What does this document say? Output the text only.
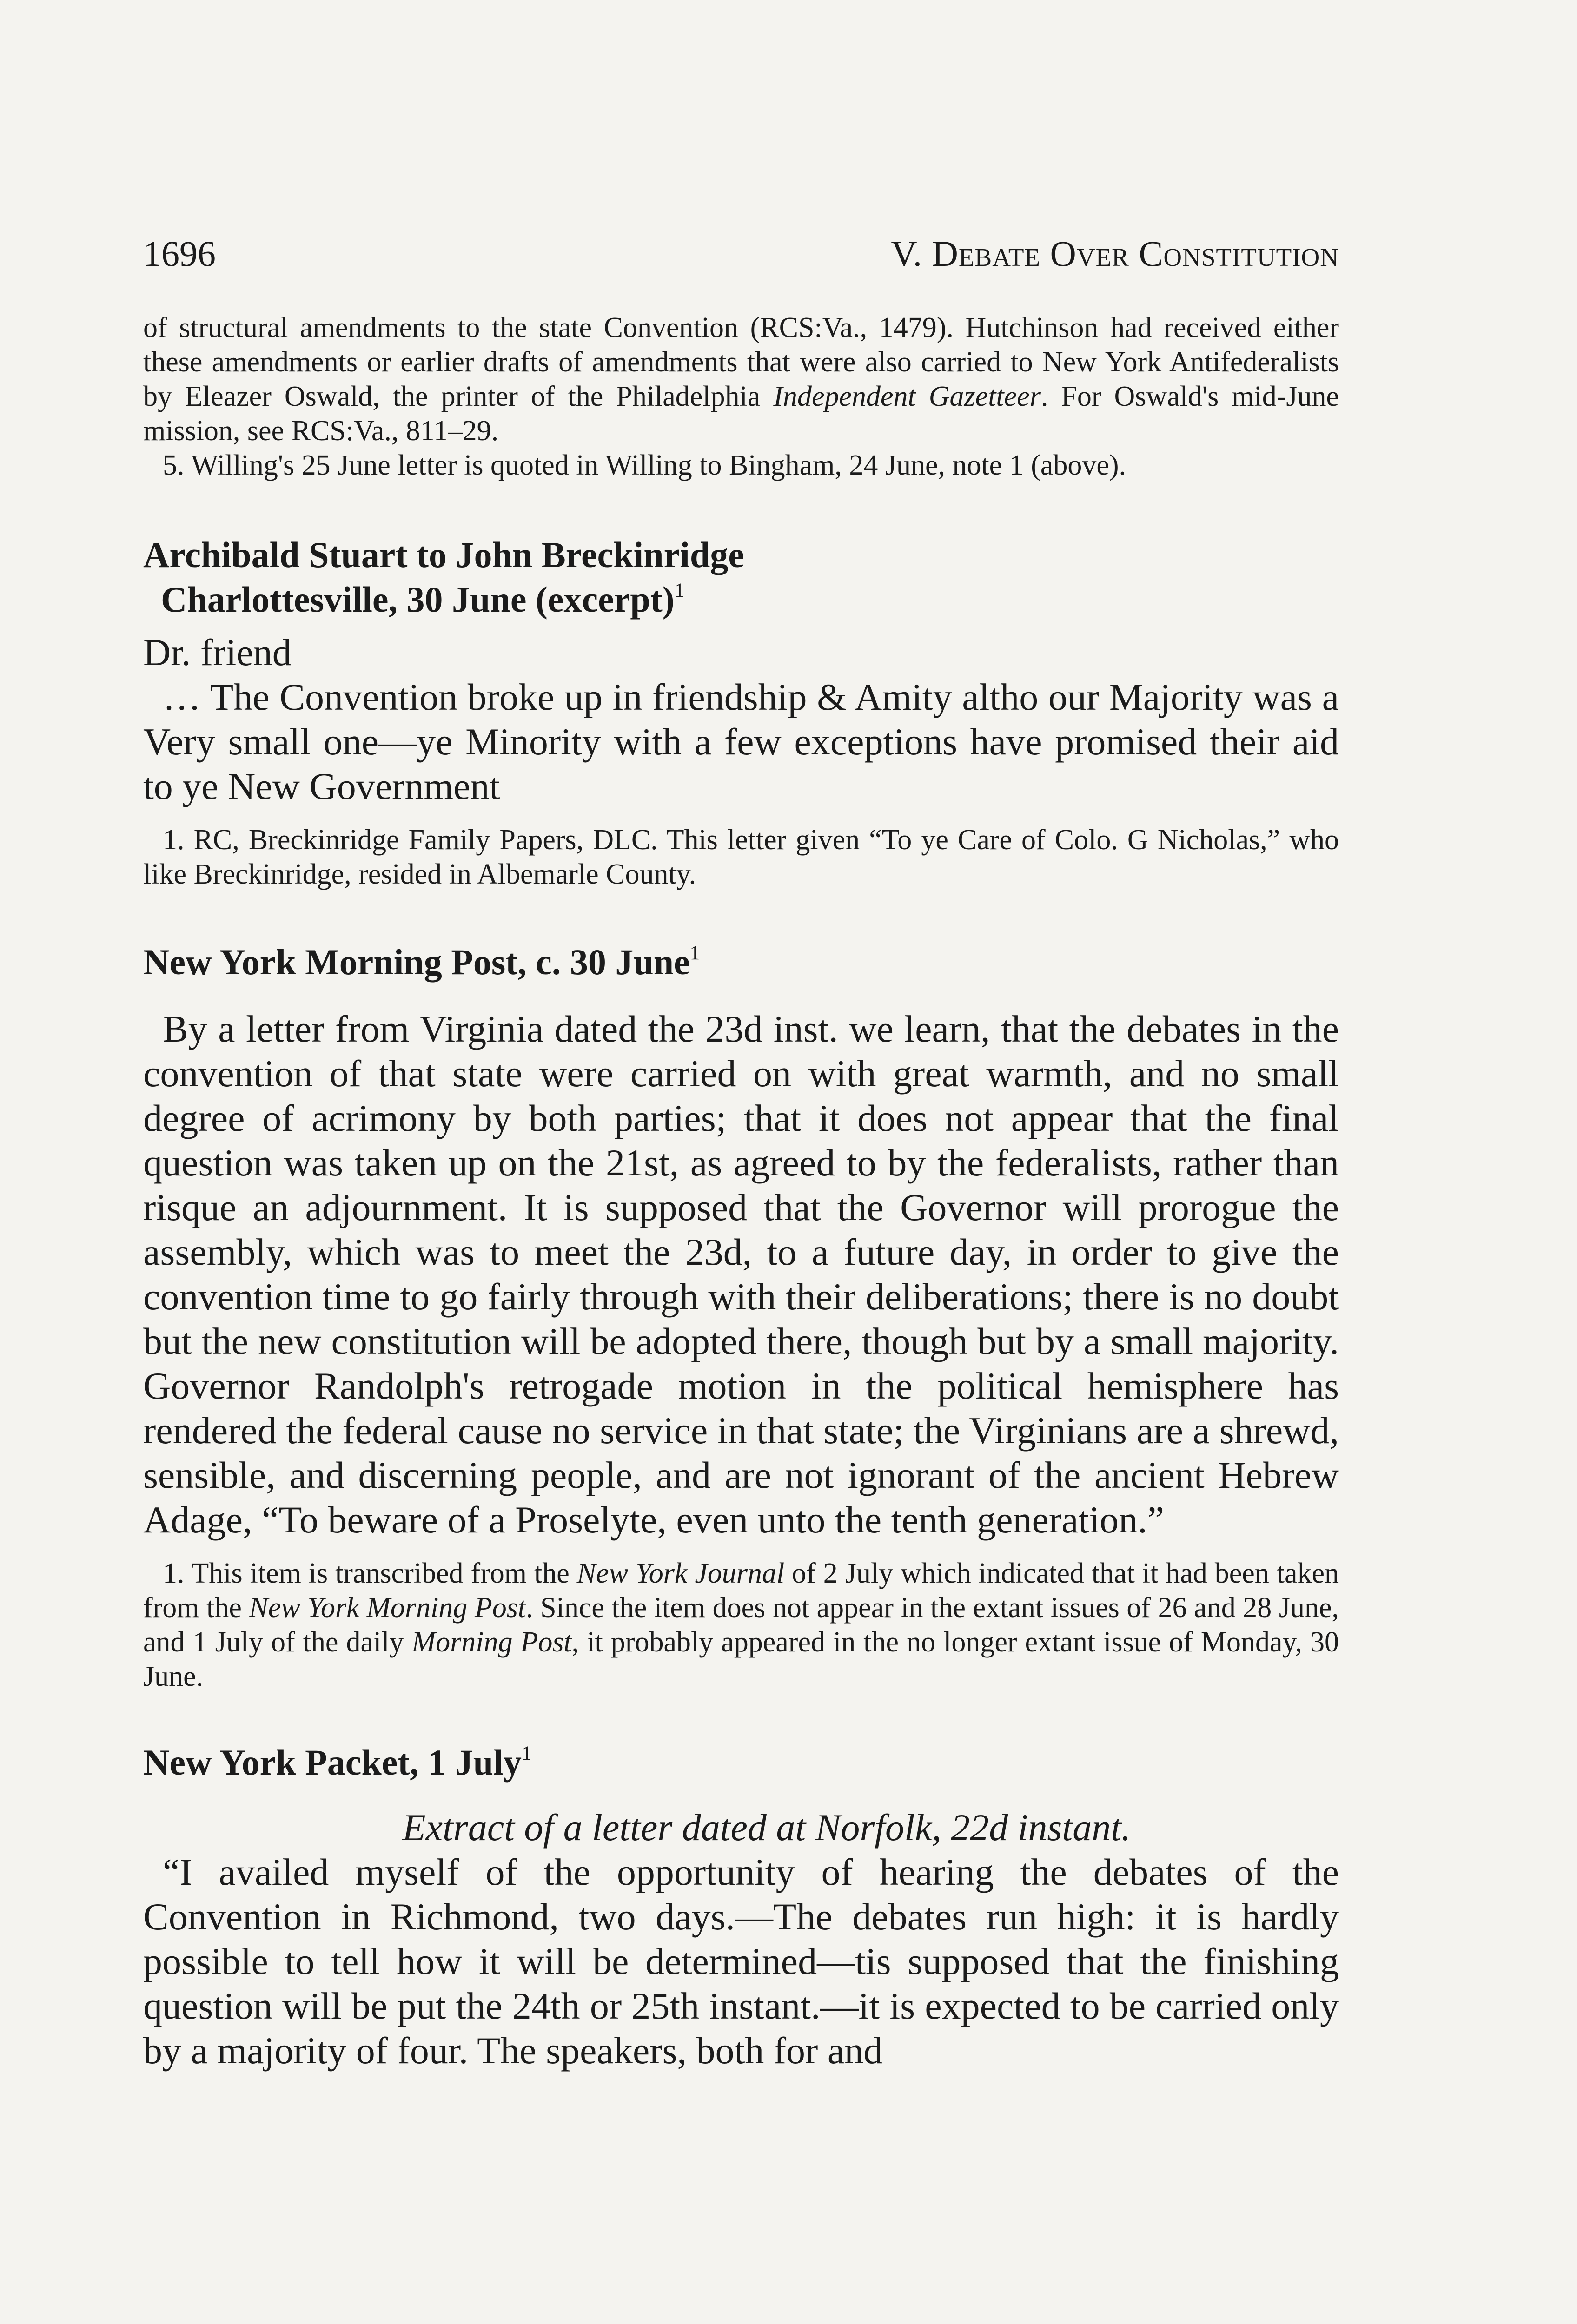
1696	V. Debate Over Constitution

of structural amendments to the state Convention (RCS:Va., 1479). Hutchinson had received either these amendments or earlier drafts of amendments that were also carried to New York Antifederalists by Eleazer Oswald, the printer of the Philadelphia Independent Gazetteer. For Oswald's mid-June mission, see RCS:Va., 811–29.

5. Willing's 25 June letter is quoted in Willing to Bingham, 24 June, note 1 (above).

Archibald Stuart to John Breckinridge
Charlottesville, 30 June (excerpt)$^1$

Dr. friend

… The Convention broke up in friendship & Amity altho our Majority was a Very small one—ye Minority with a few exceptions have promised their aid to ye New Government

1. RC, Breckinridge Family Papers, DLC. This letter given “To ye Care of Colo. G Nicholas,” who like Breckinridge, resided in Albemarle County.

New York Morning Post, c. 30 June$^1$

By a letter from Virginia dated the 23d inst. we learn, that the debates in the convention of that state were carried on with great warmth, and no small degree of acrimony by both parties; that it does not appear that the final question was taken up on the 21st, as agreed to by the federalists, rather than risque an adjournment. It is supposed that the Governor will prorogue the assembly, which was to meet the 23d, to a future day, in order to give the convention time to go fairly through with their deliberations; there is no doubt but the new constitution will be adopted there, though but by a small majority. Governor Randolph's retrogade motion in the political hemisphere has rendered the federal cause no service in that state; the Virginians are a shrewd, sensible, and discerning people, and are not ignorant of the ancient Hebrew Adage, “To beware of a Proselyte, even unto the tenth generation.”

1. This item is transcribed from the New York Journal of 2 July which indicated that it had been taken from the New York Morning Post. Since the item does not appear in the extant issues of 26 and 28 June, and 1 July of the daily Morning Post, it probably appeared in the no longer extant issue of Monday, 30 June.

New York Packet, 1 July$^1$

Extract of a letter dated at Norfolk, 22d instant.

“I availed myself of the opportunity of hearing the debates of the Convention in Richmond, two days.—The debates run high: it is hardly possible to tell how it will be determined—tis supposed that the finishing question will be put the 24th or 25th instant.—it is expected to be carried only by a majority of four. The speakers, both for and
